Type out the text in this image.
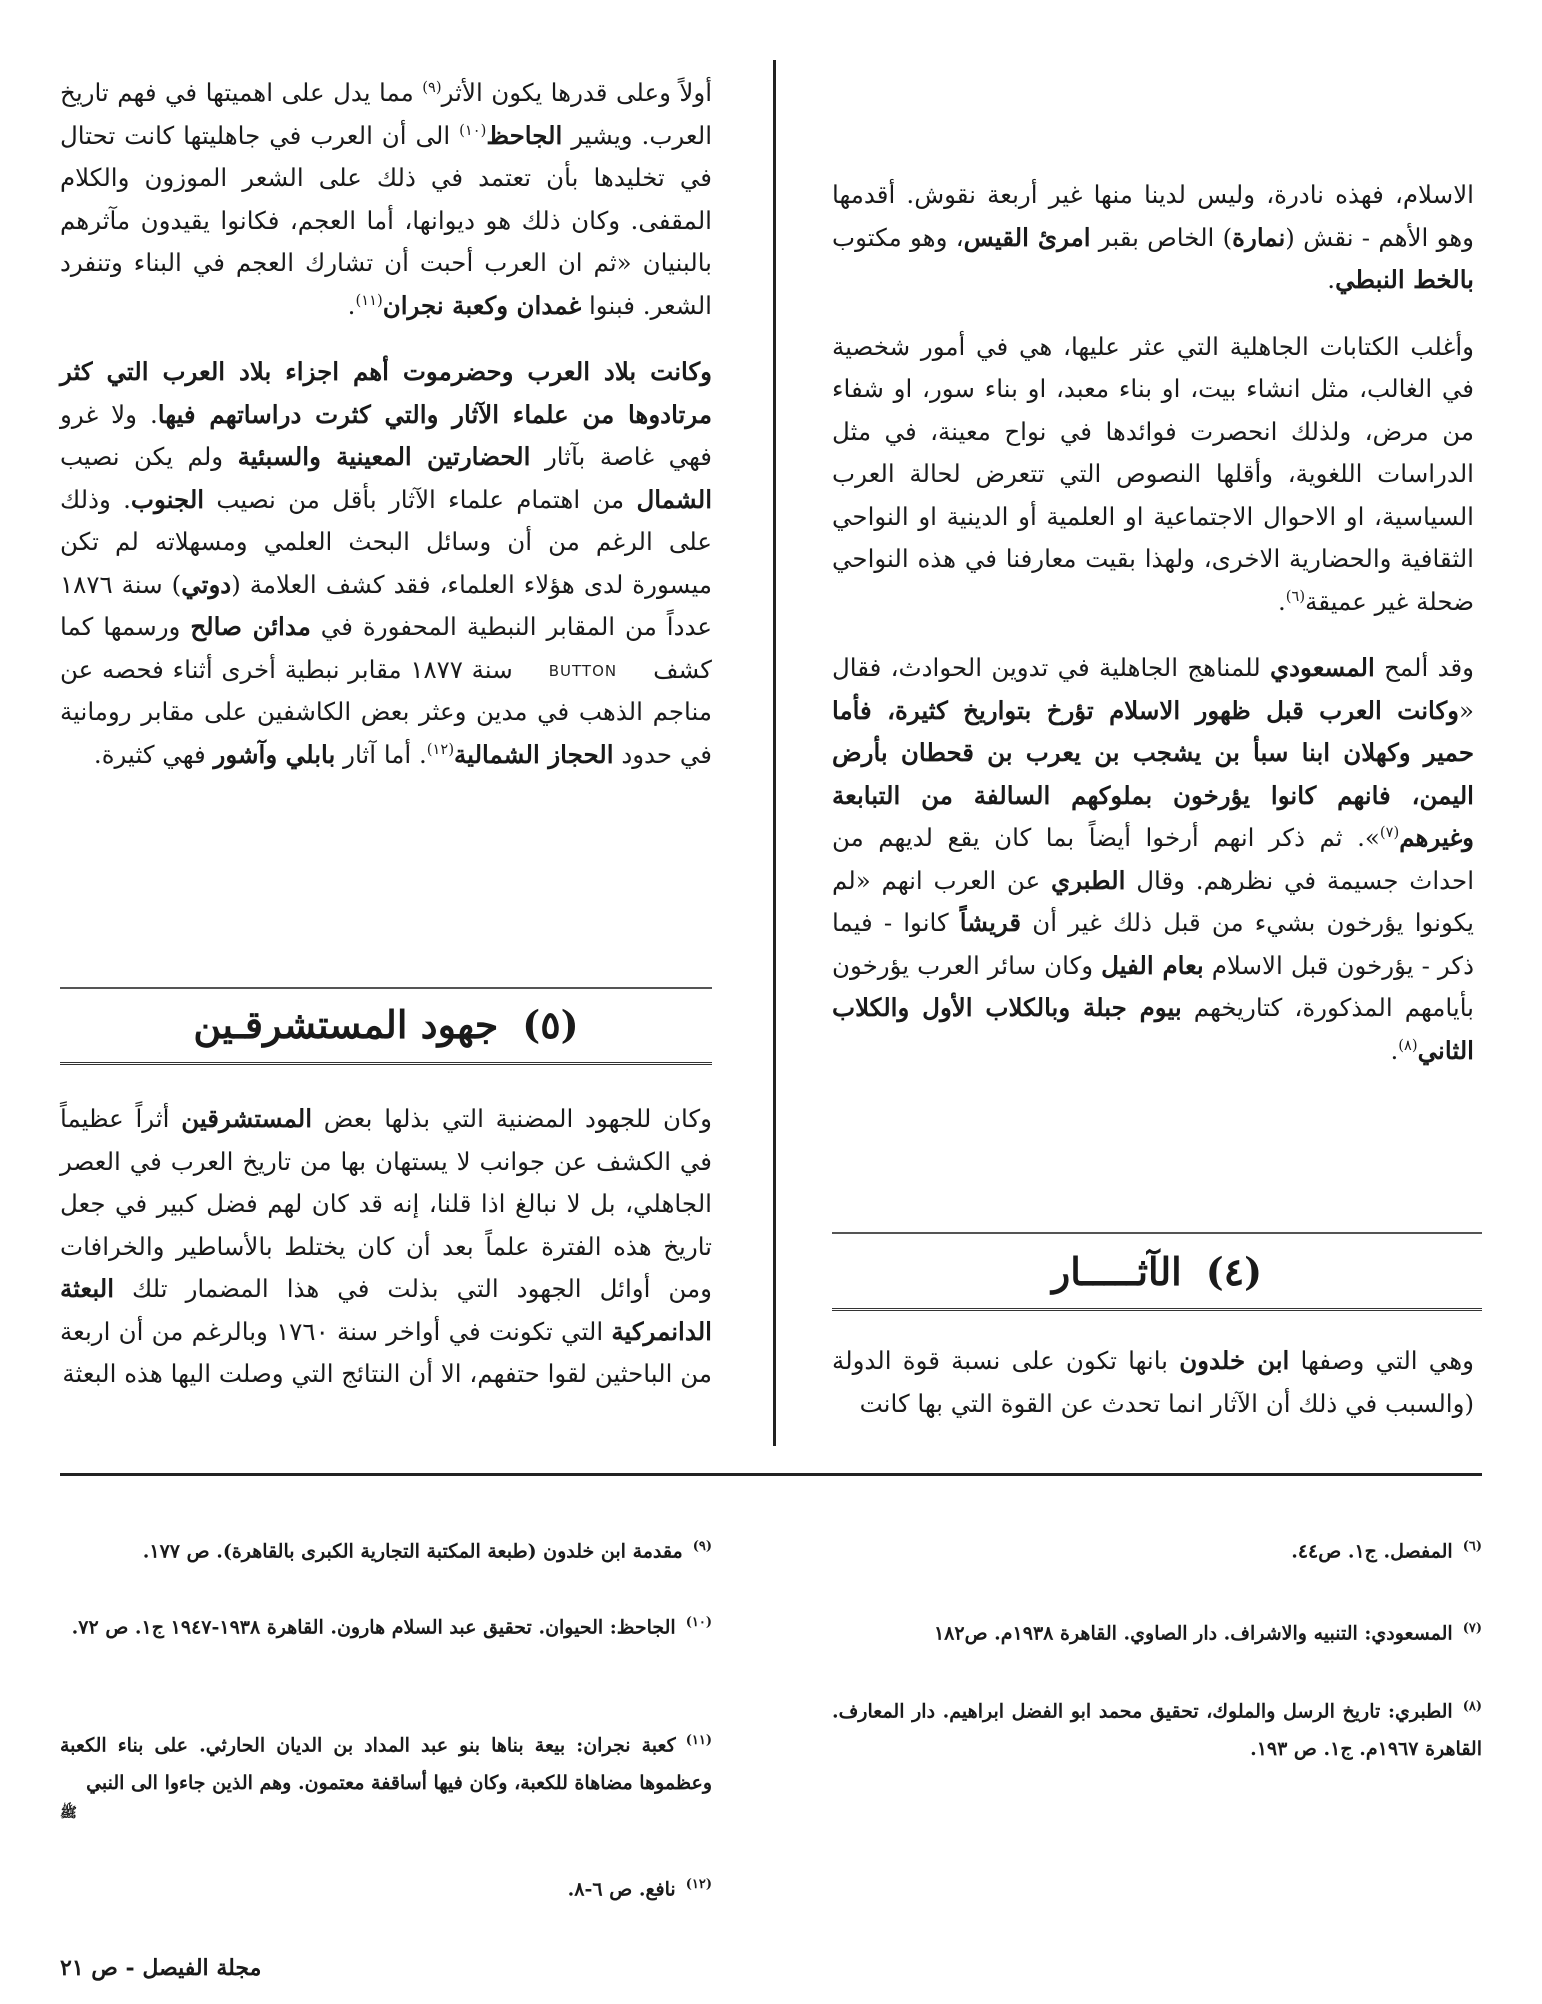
الاسلام، فهذه نادرة، وليس لدينا منها غير أربعة نقوش. أقدمها وهو الأهم - نقش (نمارة) الخاص بقبر امرئ القيس، وهو مكتوب بالخط النبطي.

وأغلب الكتابات الجاهلية التي عثر عليها، هي في أمور شخصية في الغالب، مثل انشاء بيت، او بناء معبد، او بناء سور، او شفاء من مرض، ولذلك انحصرت فوائدها في نواح معينة، في مثل الدراسات اللغوية، وأقلها النصوص التي تتعرض لحالة العرب السياسية، او الاحوال الاجتماعية او العلمية أو الدينية او النواحي الثقافية والحضارية الاخرى، ولهذا بقيت معارفنا في هذه النواحي ضحلة غير عميقة$^{(٦)}$.

وقد ألمح المسعودي للمناهج الجاهلية في تدوين الحوادث، فقال «وكانت العرب قبل ظهور الاسلام تؤرخ بتواريخ كثيرة، فأما حمير وكهلان ابنا سبأ بن يشجب بن يعرب بن قحطان بأرض اليمن، فانهم كانوا يؤرخون بملوكهم السالفة من التبابعة وغيرهم$^{(٧)}$». ثم ذكر انهم أرخوا أيضاً بما كان يقع لديهم من احداث جسيمة في نظرهم. وقال الطبري عن العرب انهم «لم يكونوا يؤرخون بشيء من قبل ذلك غير أن قريشاً كانوا - فيما ذكر - يؤرخون قبل الاسلام بعام الفيل وكان سائر العرب يؤرخون بأيامهم المذكورة، كتاريخهم بيوم جبلة وبالكلاب الأول والكلاب الثاني$^{(٨)}$.

(٤)الآثـــــار

وهي التي وصفها ابن خلدون بانها تكون على نسبة قوة الدولة (والسبب في ذلك أن الآثار انما تحدث عن القوة التي بها كانت

أولاً وعلى قدرها يكون الأثر$^{(٩)}$ مما يدل على اهميتها في فهم تاريخ العرب. ويشير الجاحظ$^{(١٠)}$ الى أن العرب في جاهليتها كانت تحتال في تخليدها بأن تعتمد في ذلك على الشعر الموزون والكلام المقفى. وكان ذلك هو ديوانها، أما العجم، فكانوا يقيدون مآثرهم بالبنيان «ثم ان العرب أحبت أن تشارك العجم في البناء وتنفرد الشعر. فبنوا غمدان وكعبة نجران$^{(١١)}$.

وكانت بلاد العرب وحضرموت أهم اجزاء بلاد العرب التي كثر مرتادوها من علماء الآثار والتي كثرت دراساتهم فيها. ولا غرو فهي غاصة بآثار الحضارتين المعينية والسبئية ولم يكن نصيب الشمال من اهتمام علماء الآثار بأقل من نصيب الجنوب. وذلك على الرغم من أن وسائل البحث العلمي ومسهلاته لم تكن ميسورة لدى هؤلاء العلماء، فقد كشف العلامة (دوتي) سنة ١٨٧٦ عدداً من المقابر النبطية المحفورة في مدائن صالح ورسمها كما كشفBUTTONسنة ١٨٧٧ مقابر نبطية أخرى أثناء فحصه عن مناجم الذهب في مدين وعثر بعض الكاشفين على مقابر رومانية في حدود الحجاز الشمالية$^{(١٢)}$. أما آثار بابلي وآشور فهي كثيرة.

(٥)جهود المستشرقـين

وكان للجهود المضنية التي بذلها بعض المستشرقين أثراً عظيماً في الكشف عن جوانب لا يستهان بها من تاريخ العرب في العصر الجاهلي، بل لا نبالغ اذا قلنا، إنه قد كان لهم فضل كبير في جعل تاريخ هذه الفترة علماً بعد أن كان يختلط بالأساطير والخرافات ومن أوائل الجهود التي بذلت في هذا المضمار تلك البعثة الدانمركية التي تكونت في أواخر سنة ١٧٦٠ وبالرغم من أن اربعة من الباحثين لقوا حتفهم، الا أن النتائج التي وصلت اليها هذه البعثة

$^{(٦)}$المفصل. ج١. ص٤٤.
$^{(٧)}$المسعودي: التنبيه والاشراف. دار الصاوي. القاهرة ١٩٣٨م. ص١٨٢
$^{(٨)}$الطبري: تاريخ الرسل والملوك، تحقيق محمد ابو الفضل ابراهيم. دار المعارف. القاهرة ١٩٦٧م. ج١. ص ١٩٣.
$^{(٩)}$مقدمة ابن خلدون (طبعة المكتبة التجارية الكبرى بالقاهرة). ص ١٧٧.
$^{(١٠)}$الجاحظ: الحيوان. تحقيق عبد السلام هارون. القاهرة ١٩٣٨-١٩٤٧ ج١. ص ٧٢.
$^{(١١)}$كعبة نجران: بيعة بناها بنو عبد المداد بن الديان الحارثي. على بناء الكعبة وعظموها مضاهاة للكعبة، وكان فيها أساقفة معتمون. وهم الذين جاءوا الى النبي
ﷺ
$^{(١٢)}$نافع. ص ٦-٨.
مجلة الفيصل - ص ٢١
